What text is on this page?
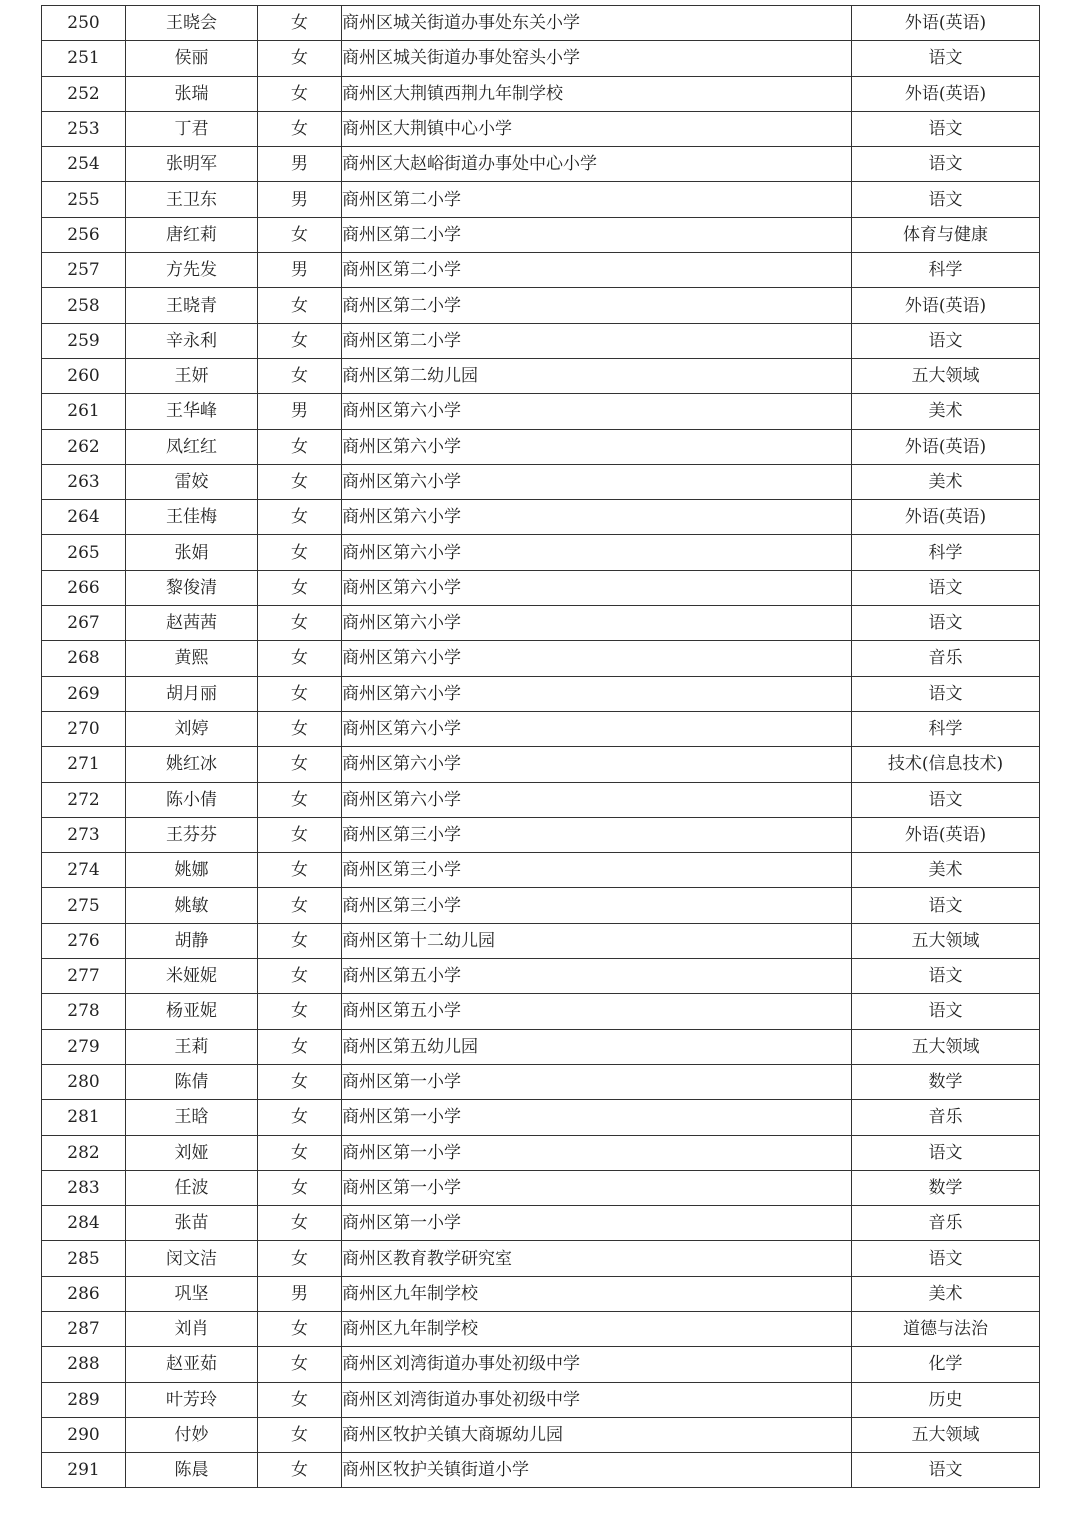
250	王晓会	女	商州区城关街道办事处东关小学	外语(英语)
251	侯丽	女	商州区城关街道办事处窑头小学	语文
252	张瑞	女	商州区大荆镇西荆九年制学校	外语(英语)
253	丁君	女	商州区大荆镇中心小学	语文
254	张明军	男	商州区大赵峪街道办事处中心小学	语文
255	王卫东	男	商州区第二小学	语文
256	唐红莉	女	商州区第二小学	体育与健康
257	方先发	男	商州区第二小学	科学
258	王晓青	女	商州区第二小学	外语(英语)
259	辛永利	女	商州区第二小学	语文
260	王妍	女	商州区第二幼儿园	五大领域
261	王华峰	男	商州区第六小学	美术
262	凤红红	女	商州区第六小学	外语(英语)
263	雷姣	女	商州区第六小学	美术
264	王佳梅	女	商州区第六小学	外语(英语)
265	张娟	女	商州区第六小学	科学
266	黎俊清	女	商州区第六小学	语文
267	赵茜茜	女	商州区第六小学	语文
268	黄熙	女	商州区第六小学	音乐
269	胡月丽	女	商州区第六小学	语文
270	刘婷	女	商州区第六小学	科学
271	姚红冰	女	商州区第六小学	技术(信息技术)
272	陈小倩	女	商州区第六小学	语文
273	王芬芬	女	商州区第三小学	外语(英语)
274	姚娜	女	商州区第三小学	美术
275	姚敏	女	商州区第三小学	语文
276	胡静	女	商州区第十二幼儿园	五大领域
277	米娅妮	女	商州区第五小学	语文
278	杨亚妮	女	商州区第五小学	语文
279	王莉	女	商州区第五幼儿园	五大领域
280	陈倩	女	商州区第一小学	数学
281	王晗	女	商州区第一小学	音乐
282	刘娅	女	商州区第一小学	语文
283	任波	女	商州区第一小学	数学
284	张苗	女	商州区第一小学	音乐
285	闵文洁	女	商州区教育教学研究室	语文
286	巩坚	男	商州区九年制学校	美术
287	刘肖	女	商州区九年制学校	道德与法治
288	赵亚茹	女	商州区刘湾街道办事处初级中学	化学
289	叶芳玲	女	商州区刘湾街道办事处初级中学	历史
290	付妙	女	商州区牧护关镇大商塬幼儿园	五大领域
291	陈晨	女	商州区牧护关镇街道小学	语文
